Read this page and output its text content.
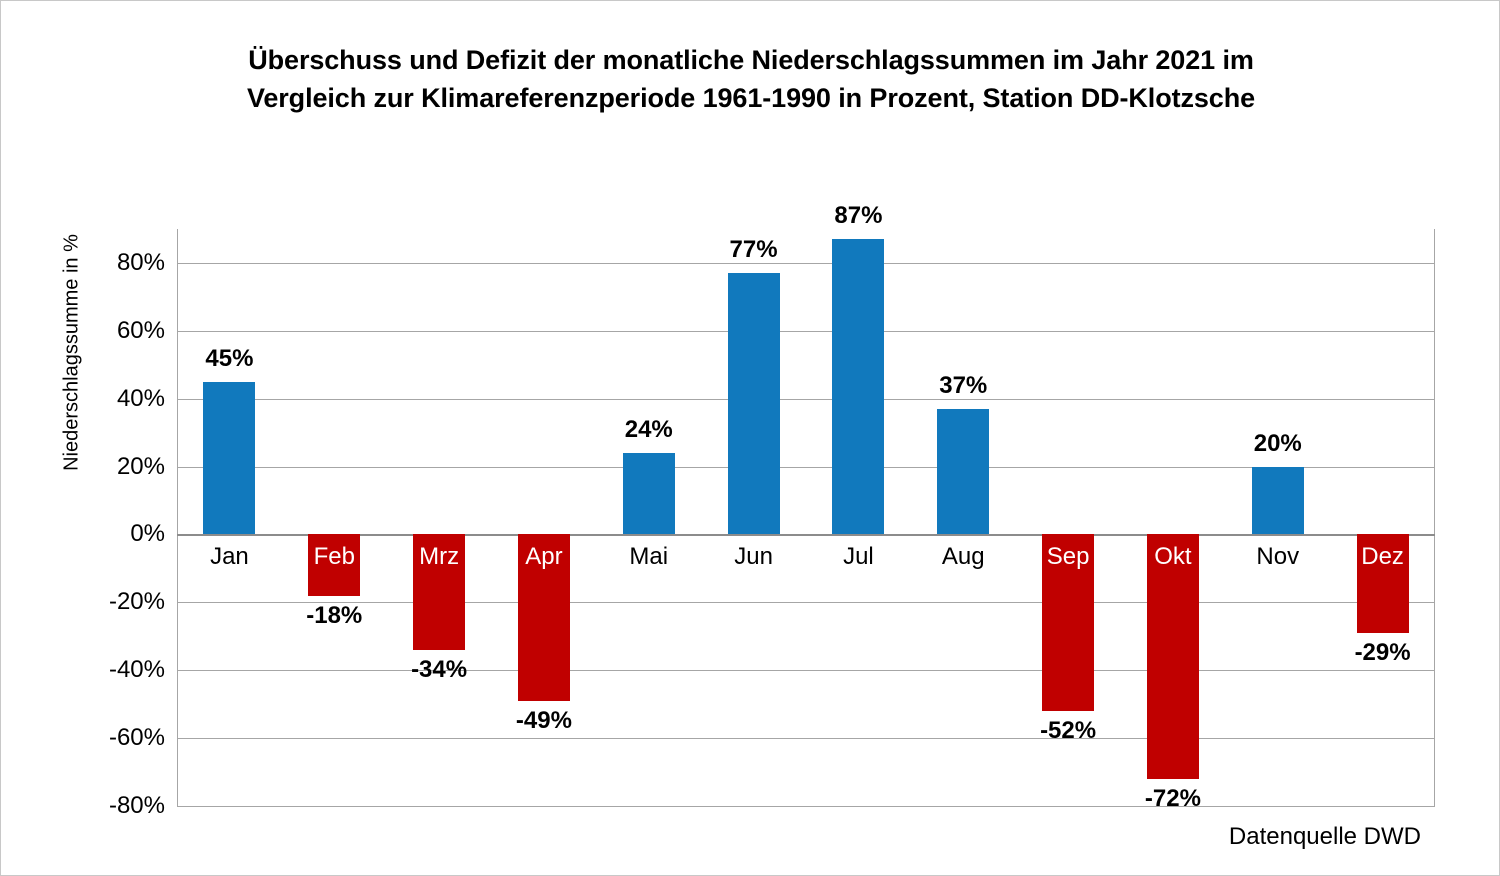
Überschuss und Defizit der monatliche Niederschlagssummen im Jahr 2021 im
Vergleich zur Klimareferenzperiode 1961-1990 in Prozent, Station DD-Klotzsche
Niederschlagssumme in %	80%
60%
40%
20%
0%
-20%
-40%
-60%
-80%
45%
-18%
-34%
-49%
24%
77%
87%
37%
-52%
-72%
20%
-29%
Jan	Feb	Mrz	Apr	Mai	Jun	Jul	Aug	Sep	Okt	Nov	Dez
Datenquelle DWD
